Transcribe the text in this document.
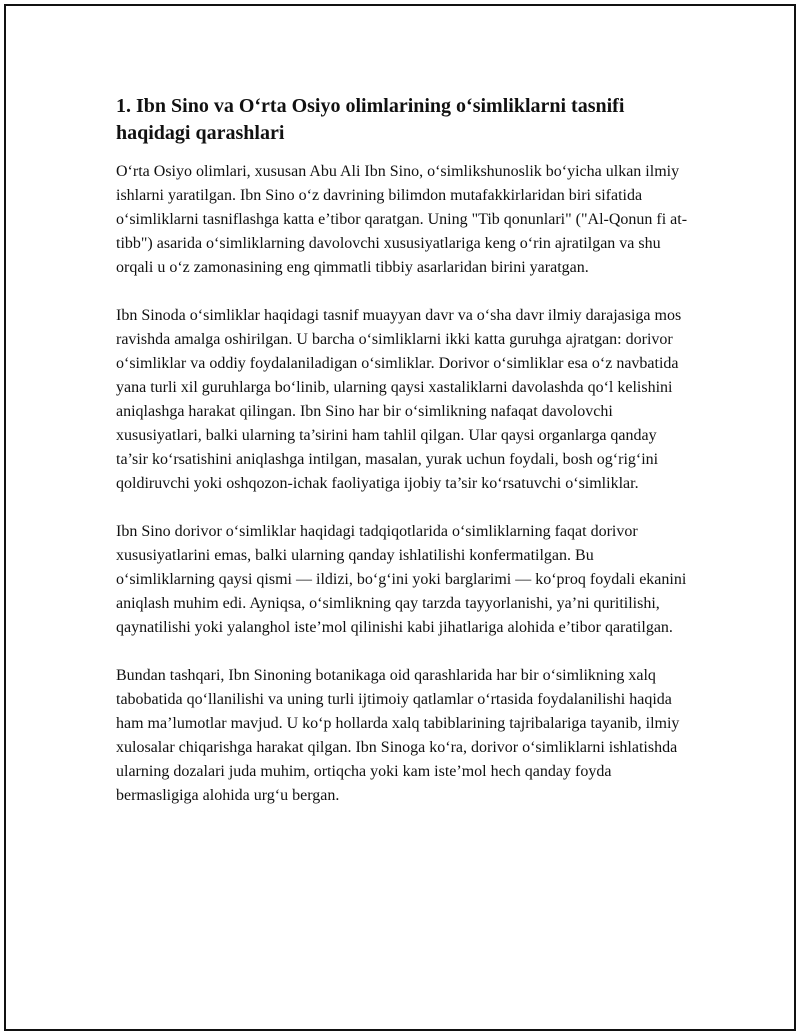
1. Ibn Sino va O‘rta Osiyo olimlarining o‘simliklarni tasnifi haqidagi qarashlari

O‘rta Osiyo olimlari, xususan Abu Ali Ibn Sino, o‘simlikshunoslik bo‘yicha ulkan ilmiy ishlarni yaratilgan. Ibn Sino o‘z davrining bilimdon mutafakkirlaridan biri sifatida o‘simliklarni tasniflashga katta e’tibor qaratgan. Uning "Tib qonunlari" ("Al-Qonun fi at-tibb") asarida o‘simliklarning davolovchi xususiyatlariga keng o‘rin ajratilgan va shu orqali u o‘z zamonasining eng qimmatli tibbiy asarlaridan birini yaratgan.

Ibn Sinoda o‘simliklar haqidagi tasnif muayyan davr va o‘sha davr ilmiy darajasiga mos ravishda amalga oshirilgan. U barcha o‘simliklarni ikki katta guruhga ajratgan: dorivor o‘simliklar va oddiy foydalaniladigan o‘simliklar. Dorivor o‘simliklar esa o‘z navbatida yana turli xil guruhlarga bo‘linib, ularning qaysi xastaliklarni davolashda qo‘l kelishini aniqlashga harakat qilingan. Ibn Sino har bir o‘simlikning nafaqat davolovchi xususiyatlari, balki ularning ta’sirini ham tahlil qilgan. Ular qaysi organlarga qanday ta’sir ko‘rsatishini aniqlashga intilgan, masalan, yurak uchun foydali, bosh og‘rig‘ini qoldiruvchi yoki oshqozon-ichak faoliyatiga ijobiy ta’sir ko‘rsatuvchi o‘simliklar.

Ibn Sino dorivor o‘simliklar haqidagi tadqiqotlarida o‘simliklarning faqat dorivor xususiyatlarini emas, balki ularning qanday ishlatilishi konfermatilgan. Bu o‘simliklarning qaysi qismi — ildizi, bo‘g‘ini yoki barglarimi — ko‘proq foydali ekanini aniqlash muhim edi. Ayniqsa, o‘simlikning qay tarzda tayyorlanishi, ya’ni quritilishi, qaynatilishi yoki yalanghol iste’mol qilinishi kabi jihatlariga alohida e’tibor qaratilgan.

Bundan tashqari, Ibn Sinoning botanikaga oid qarashlarida har bir o‘simlikning xalq tabobatida qo‘llanilishi va uning turli ijtimoiy qatlamlar o‘rtasida foydalanilishi haqida ham ma’lumotlar mavjud. U ko‘p hollarda xalq tabiblarining tajribalariga tayanib, ilmiy xulosalar chiqarishga harakat qilgan. Ibn Sinoga ko‘ra, dorivor o‘simliklarni ishlatishda ularning dozalari juda muhim, ortiqcha yoki kam iste’mol hech qanday foyda bermasligiga alohida urg‘u bergan.
